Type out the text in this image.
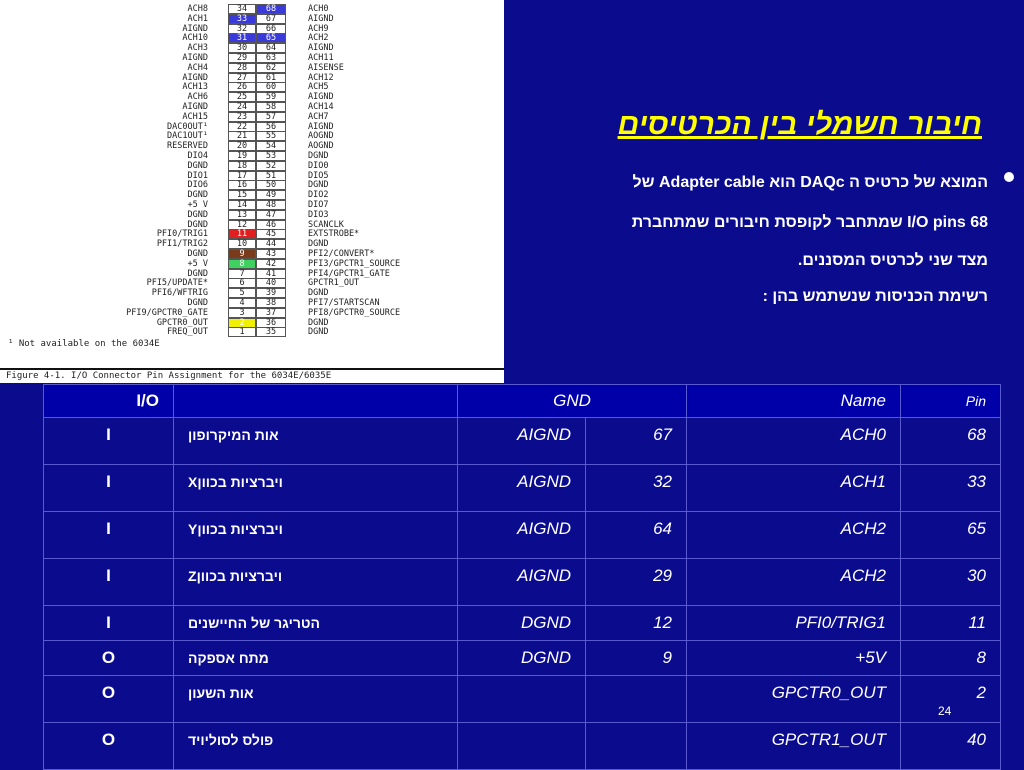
ACH8	34	68	ACH0
ACH1	33	67	AIGND
AIGND	32	66	ACH9
ACH10	31	65	ACH2
ACH3	30	64	AIGND
AIGND	29	63	ACH11
ACH4	28	62	AISENSE
AIGND	27	61	ACH12
ACH13	26	60	ACH5
ACH6	25	59	AIGND
AIGND	24	58	ACH14
ACH15	23	57	ACH7
DAC0OUT¹	22	56	AIGND
DAC1OUT¹	21	55	AOGND
RESERVED	20	54	AOGND
DIO4	19	53	DGND
DGND	18	52	DIO0
DIO1	17	51	DIO5
DIO6	16	50	DGND
DGND	15	49	DIO2
+5 V	14	48	DIO7
DGND	13	47	DIO3
DGND	12	46	SCANCLK
PFI0/TRIG1	11	45	EXTSTROBE*
PFI1/TRIG2	10	44	DGND
DGND	9	43	PFI2/CONVERT*
+5 V	8	42	PFI3/GPCTR1_SOURCE
DGND	7	41	PFI4/GPCTR1_GATE
PFI5/UPDATE*	6	40	GPCTR1_OUT
PFI6/WFTRIG	5	39	DGND
DGND	4	38	PFI7/STARTSCAN
PFI9/GPCTR0_GATE	3	37	PFI8/GPCTR0_SOURCE
GPCTR0_OUT	2	36	DGND
FREQ_OUT	1	35	DGND
¹ Not available on the 6034E
Figure 4-1. I/O Connector Pin Assignment for the 6034E/6035E
חיבור חשמלי בין הכרטיסים
המוצא של כרטיס ה DAQc הוא Adapter cable של
68 I/O pins שמתחבר לקופסת חיבורים שמתחברת
מצד שני לכרטיס המסננים.
רשימת הכניסות שנשתמש בהן :
I/O		GND		Name	Pin
I	אות המיקרופון	AIGND	67	ACH0	68
I	ויברציות בכווןX	AIGND	32	ACH1	33
I	ויברציות בכווןY	AIGND	64	ACH2	65
I	ויברציות בכווןZ	AIGND	29	ACH2	30
I	הטריגר של החיישנים	DGND	12	PFI0/TRIG1	11
O	מתח אספקה	DGND	9	+5V	8
O	אות השעון			GPCTR0_OUT	2
O	פולס לסוליויד			GPCTR1_OUT	40
24
